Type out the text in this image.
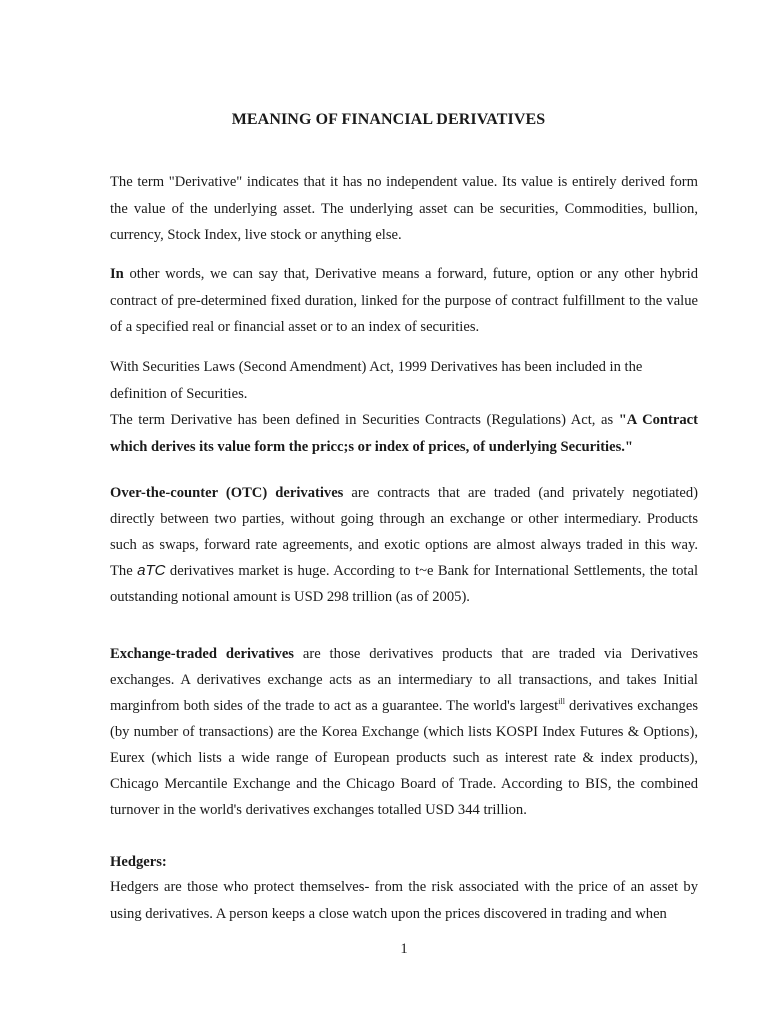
MEANING OF FINANCIAL DERIVATIVES

The term "Derivative" indicates that it has no independent value. Its value is entirely derived form the value of the underlying asset. The underlying asset can be securities, Commodities, bullion, currency, Stock Index, live stock or anything else.

In other words, we can say that, Derivative means a forward, future, option or any other hybrid contract of pre-determined fixed duration, linked for the purpose of contract fulfillment to the value of a specified real or financial asset or to an index of securities.

With Securities Laws (Second Amendment) Act, 1999 Derivatives has been included in the definition of Securities.

The term Derivative has been defined in Securities Contracts (Regulations) Act, as "A Contract which derives its value form the pricc;s or index of prices, of underlying Securities."

Over-the-counter (OTC) derivatives are contracts that are traded (and privately negotiated) directly between two parties, without going through an exchange or other intermediary. Products such as swaps, forward rate agreements, and exotic options are almost always traded in this way. The aTC derivatives market is huge. According to t~e Bank for International Settlements, the total outstanding notional amount is USD 298 trillion (as of 2005).

Exchange-traded derivatives are those derivatives products that are traded via Derivatives exchanges. A derivatives exchange acts as an intermediary to all transactions, and takes Initial marginfrom both sides of the trade to act as a guarantee. The world's largest$^{ill}$ derivatives exchanges (by number of transactions) are the Korea Exchange (which lists KOSPI Index Futures & Options), Eurex (which lists a wide range of European products such as interest rate & index products), Chicago Mercantile Exchange and the Chicago Board of Trade. According to BIS, the combined turnover in the world's derivatives exchanges totalled USD 344 trillion.

Hedgers:

Hedgers are those who protect themselves- from the risk associated with the price of an asset by using derivatives. A person keeps a close watch upon the prices discovered in trading and when

1
